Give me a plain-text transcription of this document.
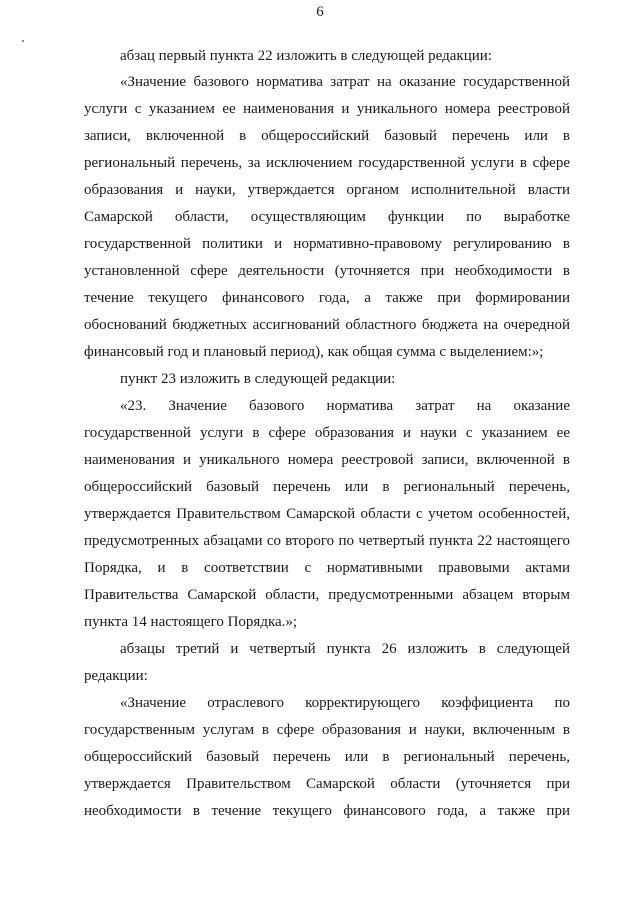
6
абзац первый пункта 22 изложить в следующей редакции:
«Значение базового норматива затрат на оказание государственной
услуги с указанием ее наименования и уникального номера реестровой
записи, включенной в общероссийский базовый перечень или в
региональный перечень, за исключением государственной услуги в сфере
образования и науки, утверждается органом исполнительной власти
Самарской области, осуществляющим функции по выработке
государственной политики и нормативно-правовому регулированию в
установленной сфере деятельности (уточняется при необходимости в
течение текущего финансового года, а также при формировании
обоснований бюджетных ассигнований областного бюджета на очередной
финансовый год и плановый период), как общая сумма с выделением:»;
пункт 23 изложить в следующей редакции:
«23. Значение базового норматива затрат на оказание
государственной услуги в сфере образования и науки с указанием ее
наименования и уникального номера реестровой записи, включенной в
общероссийский базовый перечень или в региональный перечень,
утверждается Правительством Самарской области с учетом особенностей,
предусмотренных абзацами со второго по четвертый пункта 22 настоящего
Порядка, и в соответствии с нормативными правовыми актами
Правительства Самарской области, предусмотренными абзацем вторым
пункта 14 настоящего Порядка.»;
абзацы третий и четвертый пункта 26 изложить в следующей
редакции:
«Значение отраслевого корректирующего коэффициента по
государственным услугам в сфере образования и науки, включенным в
общероссийский базовый перечень или в региональный перечень,
утверждается Правительством Самарской области (уточняется при
необходимости в течение текущего финансового года, а также при
